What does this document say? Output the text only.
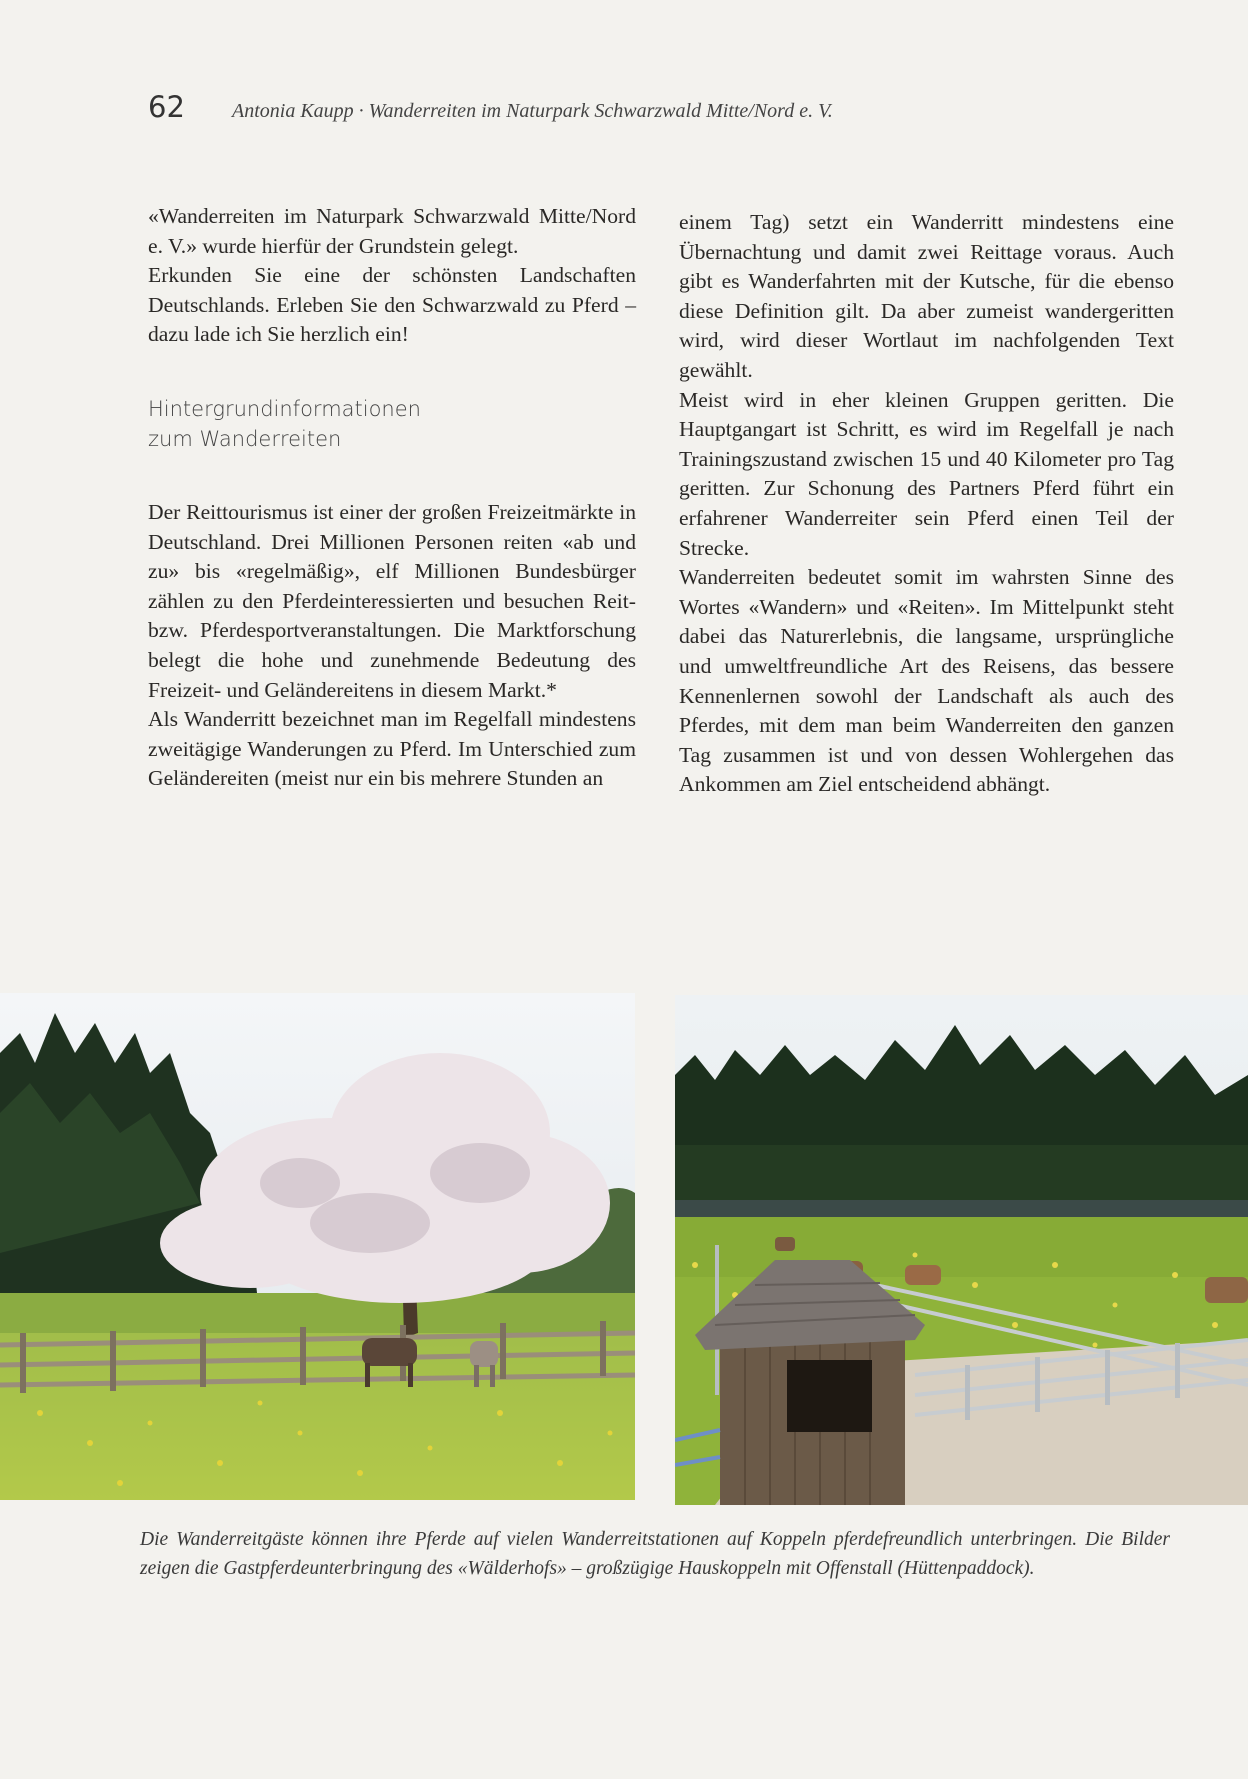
62 Antonia Kaupp · Wanderreiten im Naturpark Schwarzwald Mitte/Nord e. V.

«Wanderreiten im Naturpark Schwarzwald Mitte/Nord e. V.» wurde hierfür der Grundstein gelegt.

Erkunden Sie eine der schönsten Landschaften Deutschlands. Erleben Sie den Schwarzwald zu Pferd – dazu lade ich Sie herzlich ein!

Hintergrundinformationen
zum Wanderreiten

Der Reittourismus ist einer der großen Freizeitmärkte in Deutschland. Drei Millionen Personen reiten «ab und zu» bis «regelmäßig», elf Millionen Bundesbürger zählen zu den Pferdeinteressierten und besuchen Reit- bzw. Pferdesportveranstaltungen. Die Marktforschung belegt die hohe und zunehmende Bedeutung des Freizeit- und Geländereitens in diesem Markt.*

Als Wanderritt bezeichnet man im Regelfall mindestens zweitägige Wanderungen zu Pferd. Im Unterschied zum Geländereiten (meist nur ein bis mehrere Stunden an

einem Tag) setzt ein Wanderritt mindestens eine Übernachtung und damit zwei Reittage voraus. Auch gibt es Wanderfahrten mit der Kutsche, für die ebenso diese Definition gilt. Da aber zumeist wandergeritten wird, wird dieser Wortlaut im nachfolgenden Text gewählt.

Meist wird in eher kleinen Gruppen geritten. Die Hauptgangart ist Schritt, es wird im Regelfall je nach Trainingszustand zwischen 15 und 40 Kilometer pro Tag geritten. Zur Schonung des Partners Pferd führt ein erfahrener Wanderreiter sein Pferd einen Teil der Strecke.

Wanderreiten bedeutet somit im wahrsten Sinne des Wortes «Wandern» und «Reiten». Im Mittelpunkt steht dabei das Naturerlebnis, die langsame, ursprüngliche und umweltfreundliche Art des Reisens, das bessere Kennenlernen sowohl der Landschaft als auch des Pferdes, mit dem man beim Wanderreiten den ganzen Tag zusammen ist und von dessen Wohlergehen das Ankommen am Ziel entscheidend abhängt.

Die Wanderreitgäste können ihre Pferde auf vielen Wanderreitstationen auf Koppeln pferdefreundlich unterbringen. Die Bilder zeigen die Gastpferdeunterbringung des «Wälderhofs» – großzügige Hauskoppeln mit Offenstall (Hüttenpaddock).
